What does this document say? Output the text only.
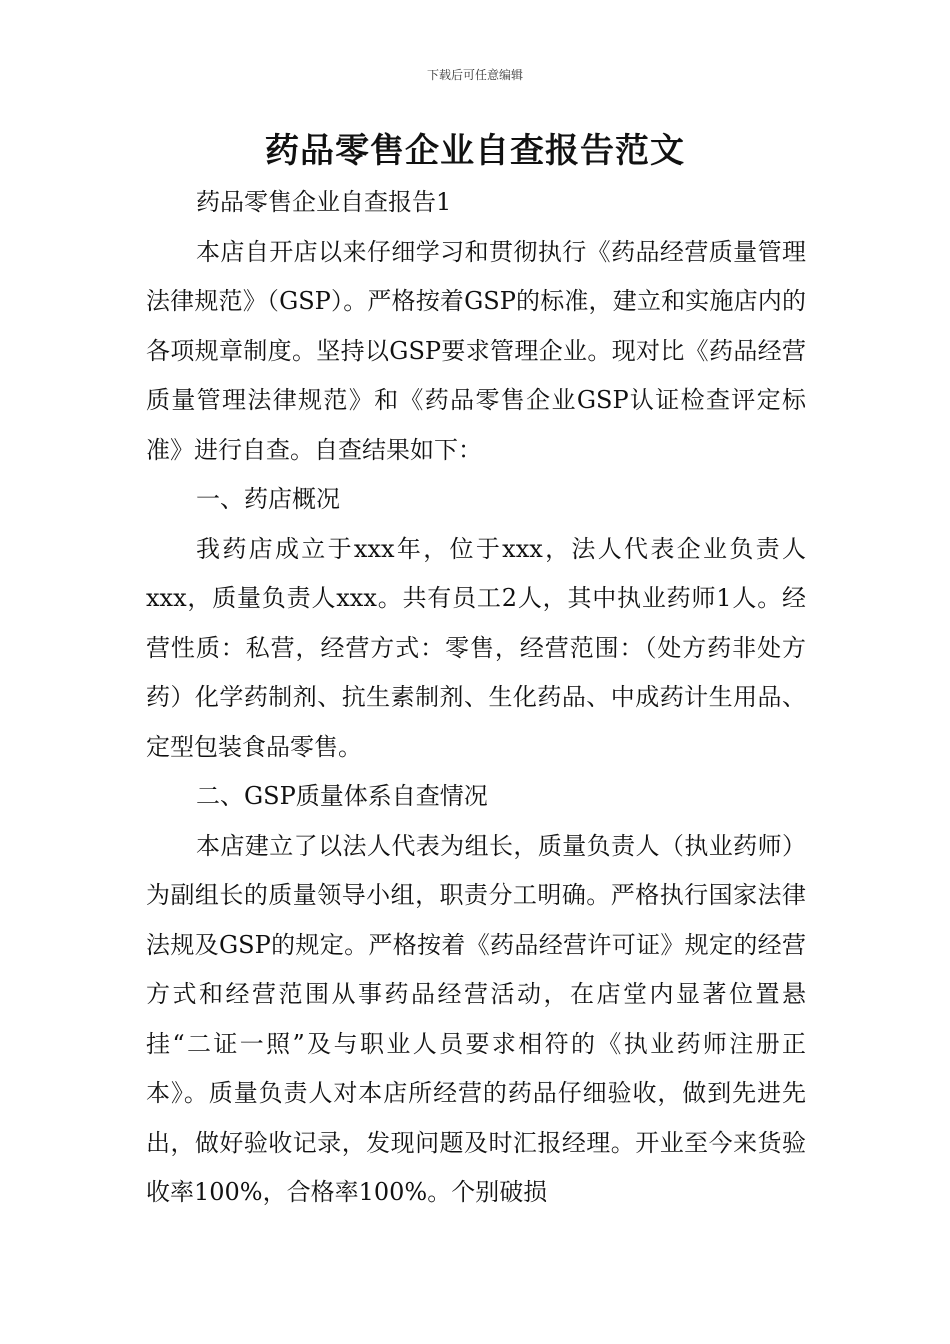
下载后可任意编辑
药品零售企业自查报告范文
药品零售企业自查报告1
本店自开店以来仔细学习和贯彻执行《药品经营质量管理法律规范》（GSP）。严格按着GSP的标准，建立和实施店内的各项规章制度。坚持以GSP要求管理企业。现对比《药品经营质量管理法律规范》和《药品零售企业GSP认证检查评定标准》进行自查。自查结果如下：
一、药店概况
我药店成立于xxx年，位于xxx，法人代表企业负责人xxx，质量负责人xxx。共有员工2人，其中执业药师1人。经营性质：私营，经营方式：零售，经营范围：（处方药非处方药）化学药制剂、抗生素制剂、生化药品、中成药计生用品、定型包装食品零售。
二、GSP质量体系自查情况
本店建立了以法人代表为组长，质量负责人（执业药师）为副组长的质量领导小组，职责分工明确。严格执行国家法律法规及GSP的规定。严格按着《药品经营许可证》规定的经营方式和经营范围从事药品经营活动，在店堂内显著位置悬挂“二证一照”及与职业人员要求相符的《执业药师注册正本》。质量负责人对本店所经营的药品仔细验收，做到先进先出，做好验收记录，发现问题及时汇报经理。开业至今来货验收率100%，合格率100%。个别破损
